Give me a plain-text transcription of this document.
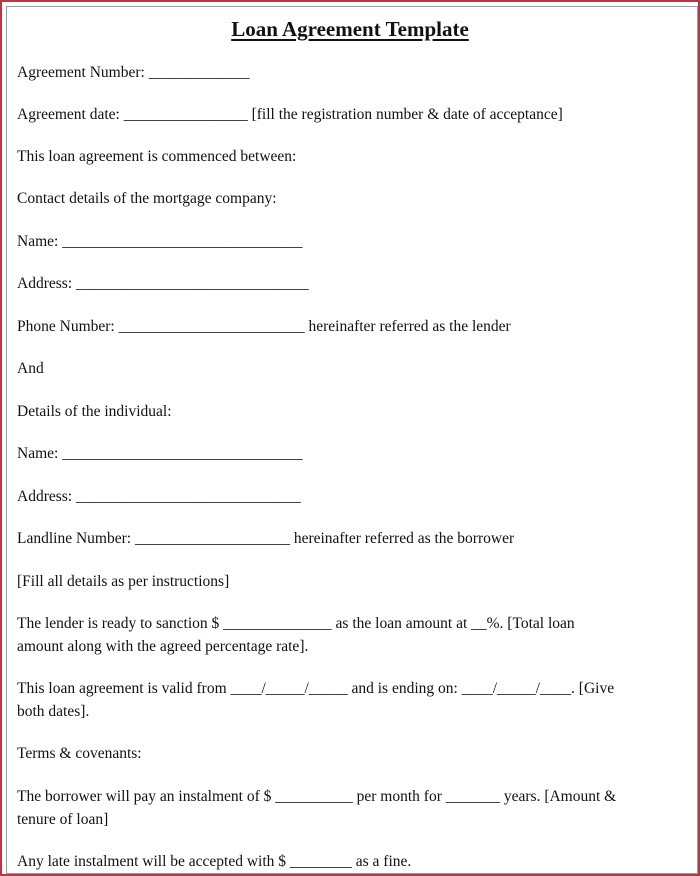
Loan Agreement Template
Agreement Number: _____________
Agreement date: ________________ [fill the registration number & date of acceptance]
This loan agreement is commenced between:
Contact details of the mortgage company:
Name: _______________________________
Address: ______________________________
Phone Number: ________________________ hereinafter referred as the lender
And
Details of the individual:
Name: _______________________________
Address: _____________________________
Landline Number: ____________________ hereinafter referred as the borrower
[Fill all details as per instructions]
The lender is ready to sanction $ ______________ as the loan amount at __%. [Total loan
amount along with the agreed percentage rate].
This loan agreement is valid from ____/_____/_____ and is ending on: ____/_____/____. [Give
both dates].
Terms & covenants:
The borrower will pay an instalment of $ __________ per month for _______ years. [Amount &
tenure of loan]
Any late instalment will be accepted with $ ________ as a fine.
